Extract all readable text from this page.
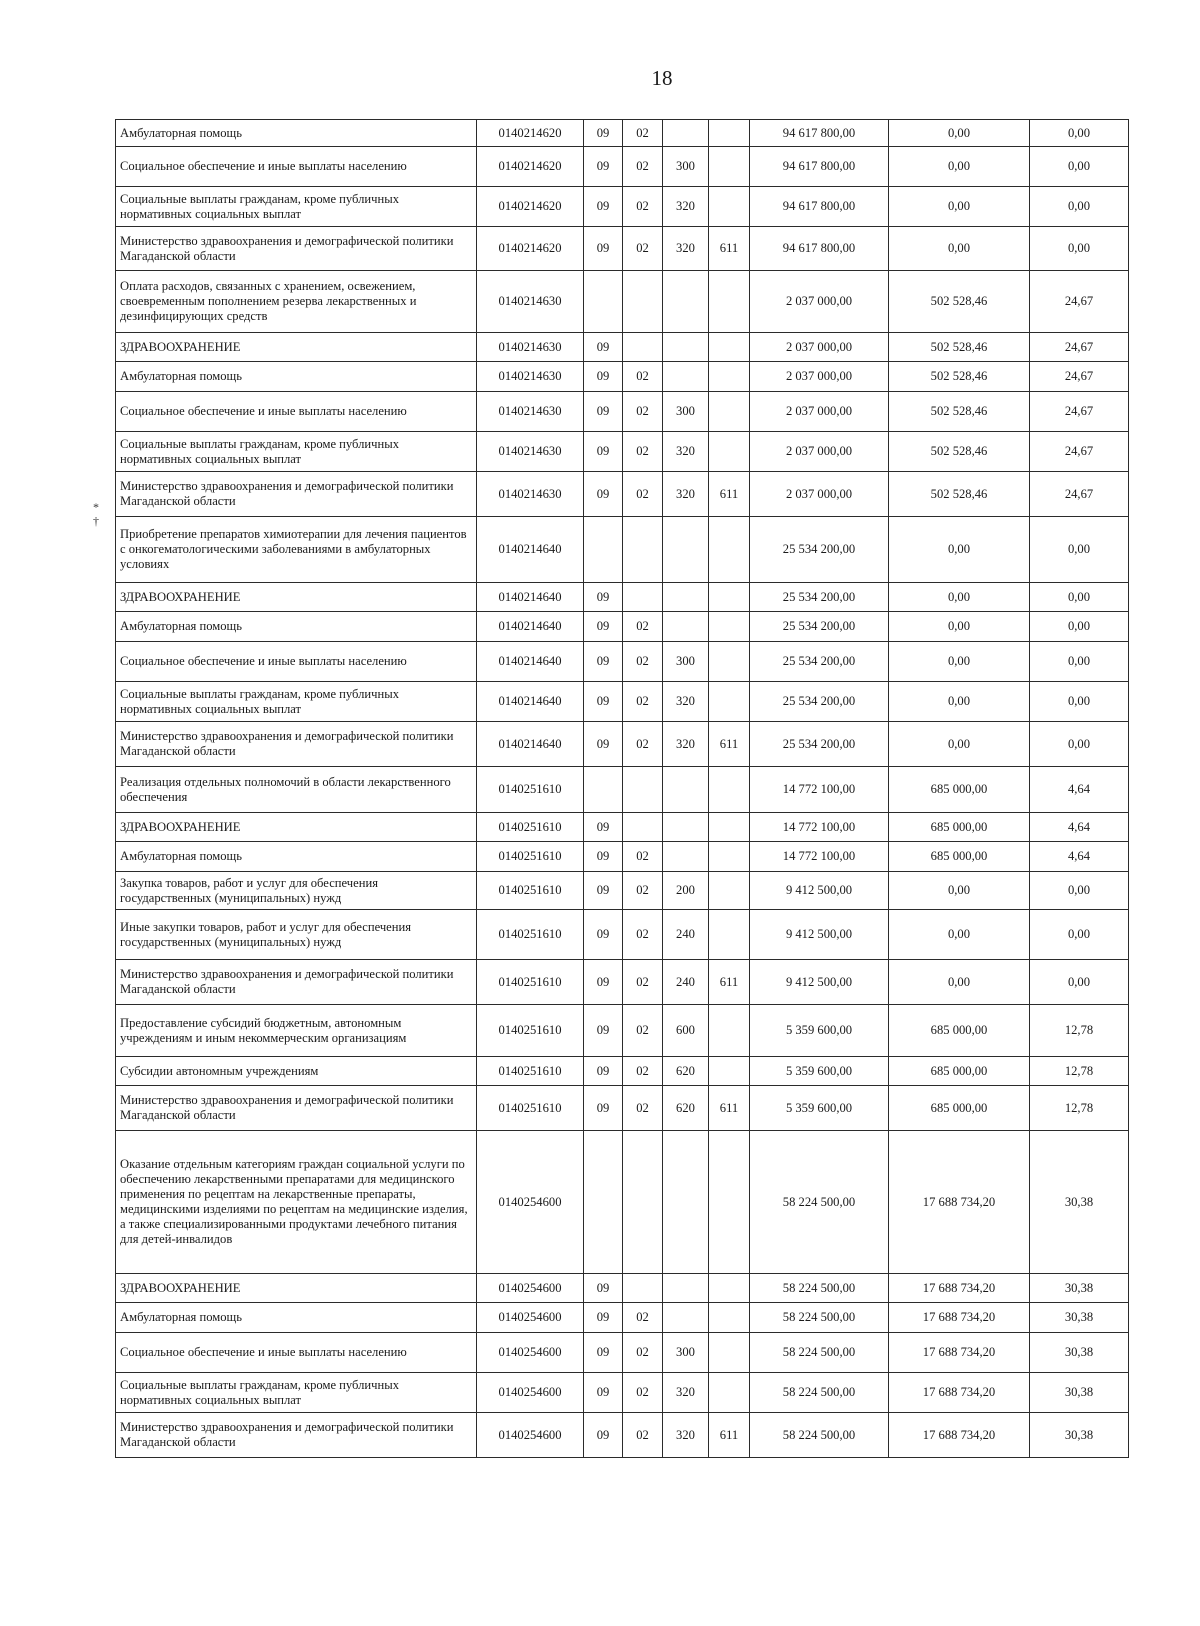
18
*
†
Амбулаторная помощь	0140214620	09	02			94 617 800,00	0,00	0,00
Социальное обеспечение и иные выплаты населению	0140214620	09	02	300		94 617 800,00	0,00	0,00
Социальные выплаты гражданам, кроме публичных нормативных социальных выплат	0140214620	09	02	320		94 617 800,00	0,00	0,00
Министерство здравоохранения и демографической политики Магаданской области	0140214620	09	02	320	611	94 617 800,00	0,00	0,00
Оплата расходов, связанных с хранением, освежением, своевременным пополнением резерва лекарственных и дезинфицирующих средств	0140214630					2 037 000,00	502 528,46	24,67
ЗДРАВООХРАНЕНИЕ	0140214630	09				2 037 000,00	502 528,46	24,67
Амбулаторная помощь	0140214630	09	02			2 037 000,00	502 528,46	24,67
Социальное обеспечение и иные выплаты населению	0140214630	09	02	300		2 037 000,00	502 528,46	24,67
Социальные выплаты гражданам, кроме публичных нормативных социальных выплат	0140214630	09	02	320		2 037 000,00	502 528,46	24,67
Министерство здравоохранения и демографической политики Магаданской области	0140214630	09	02	320	611	2 037 000,00	502 528,46	24,67
Приобретение препаратов химиотерапии для лечения пациентов с онкогематологическими заболеваниями в амбулаторных условиях	0140214640					25 534 200,00	0,00	0,00
ЗДРАВООХРАНЕНИЕ	0140214640	09				25 534 200,00	0,00	0,00
Амбулаторная помощь	0140214640	09	02			25 534 200,00	0,00	0,00
Социальное обеспечение и иные выплаты населению	0140214640	09	02	300		25 534 200,00	0,00	0,00
Социальные выплаты гражданам, кроме публичных нормативных социальных выплат	0140214640	09	02	320		25 534 200,00	0,00	0,00
Министерство здравоохранения и демографической политики Магаданской области	0140214640	09	02	320	611	25 534 200,00	0,00	0,00
Реализация отдельных полномочий в области лекарственного обеспечения	0140251610					14 772 100,00	685 000,00	4,64
ЗДРАВООХРАНЕНИЕ	0140251610	09				14 772 100,00	685 000,00	4,64
Амбулаторная помощь	0140251610	09	02			14 772 100,00	685 000,00	4,64
Закупка товаров, работ и услуг для обеспечения государственных (муниципальных) нужд	0140251610	09	02	200		9 412 500,00	0,00	0,00
Иные закупки товаров, работ и услуг для обеспечения государственных (муниципальных) нужд	0140251610	09	02	240		9 412 500,00	0,00	0,00
Министерство здравоохранения и демографической политики Магаданской области	0140251610	09	02	240	611	9 412 500,00	0,00	0,00
Предоставление субсидий бюджетным, автономным учреждениям и иным некоммерческим организациям	0140251610	09	02	600		5 359 600,00	685 000,00	12,78
Субсидии автономным учреждениям	0140251610	09	02	620		5 359 600,00	685 000,00	12,78
Министерство здравоохранения и демографической политики Магаданской области	0140251610	09	02	620	611	5 359 600,00	685 000,00	12,78
Оказание отдельным категориям граждан социальной услуги по обеспечению лекарственными препаратами для медицинского применения по рецептам на лекарственные препараты, медицинскими изделиями по рецептам на медицинские изделия, а также специализированными продуктами лечебного питания для детей-инвалидов	0140254600					58 224 500,00	17 688 734,20	30,38
ЗДРАВООХРАНЕНИЕ	0140254600	09				58 224 500,00	17 688 734,20	30,38
Амбулаторная помощь	0140254600	09	02			58 224 500,00	17 688 734,20	30,38
Социальное обеспечение и иные выплаты населению	0140254600	09	02	300		58 224 500,00	17 688 734,20	30,38
Социальные выплаты гражданам, кроме публичных нормативных социальных выплат	0140254600	09	02	320		58 224 500,00	17 688 734,20	30,38
Министерство здравоохранения и демографической политики Магаданской области	0140254600	09	02	320	611	58 224 500,00	17 688 734,20	30,38
